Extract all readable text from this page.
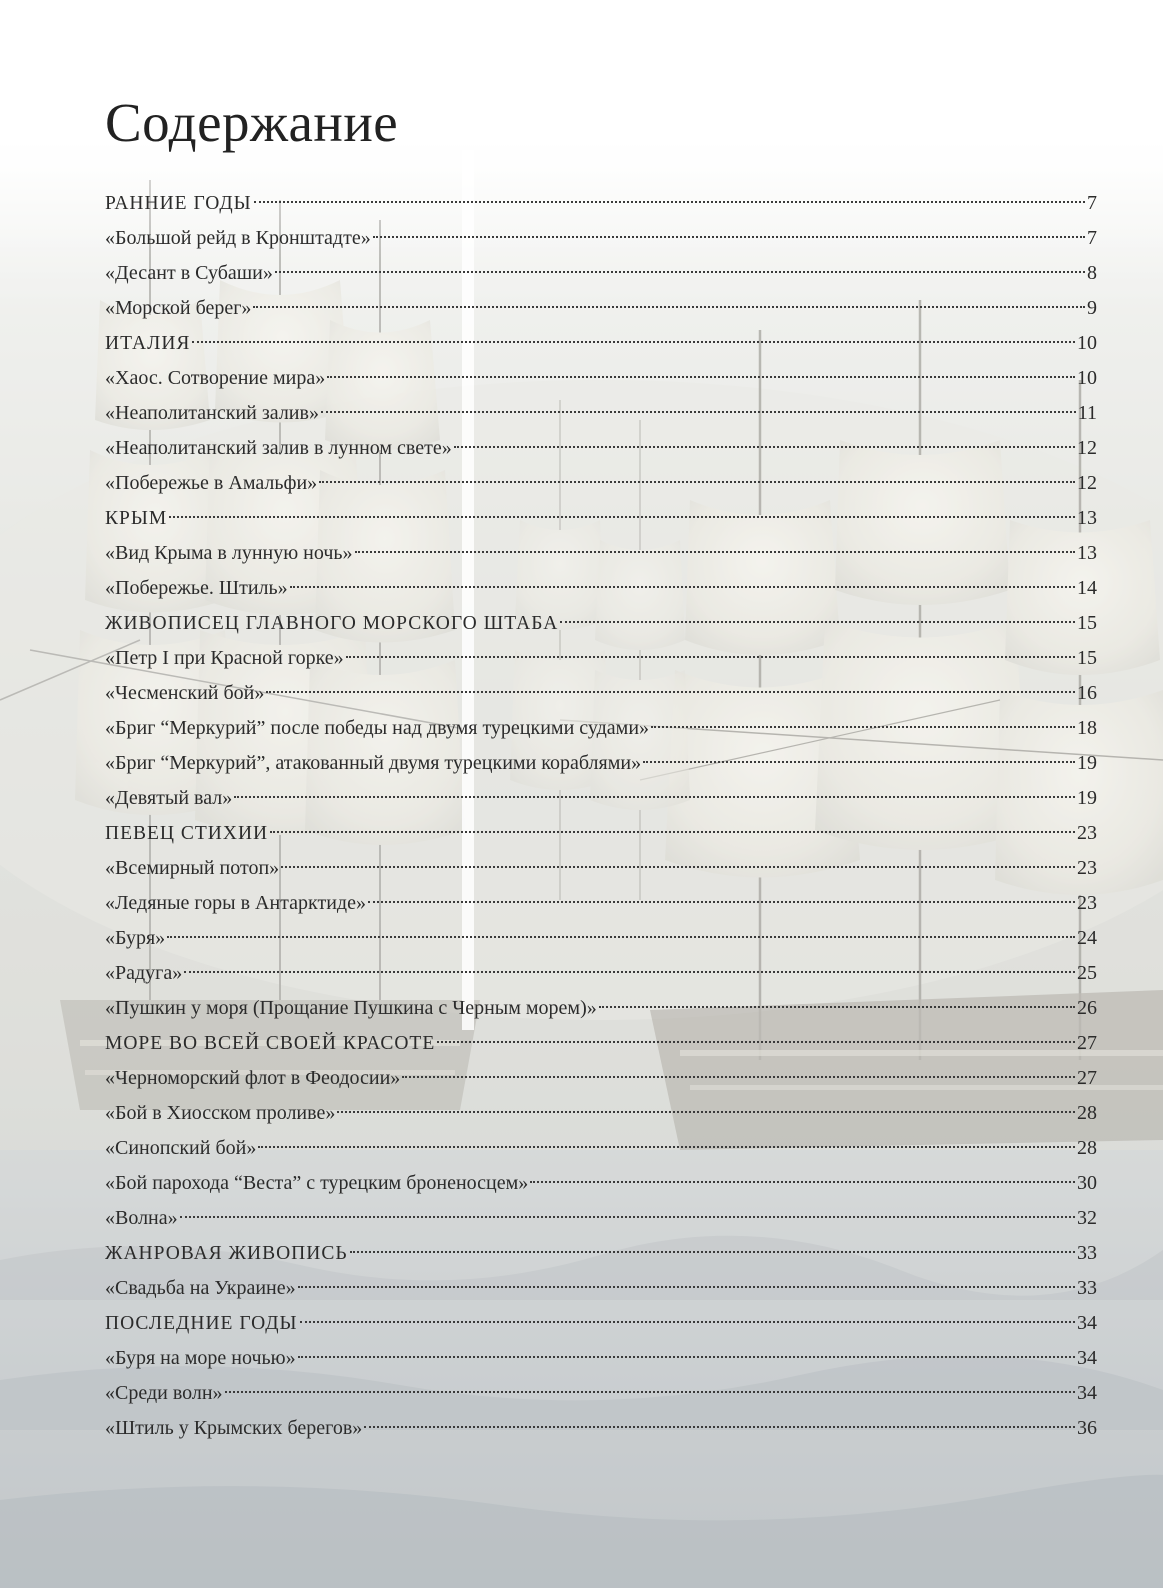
Содержание
РАННИЕ ГОДЫ	7
«Большой рейд в Кронштадте»	7
«Десант в Субаши»	8
«Морской берег»	9
ИТАЛИЯ	10
«Хаос. Сотворение мира»	10
«Неаполитанский залив»	11
«Неаполитанский залив в лунном свете»	12
«Побережье в Амальфи»	12
КРЫМ	13
«Вид Крыма в лунную ночь»	13
«Побережье. Штиль»	14
ЖИВОПИСЕЦ ГЛАВНОГО МОРСКОГО ШТАБА	15
«Петр I при Красной горке»	15
«Чесменский бой»	16
«Бриг “Меркурий” после победы над двумя турецкими судами»	18
«Бриг “Меркурий”, атакованный двумя турецкими кораблями»	19
«Девятый вал»	19
ПЕВЕЦ СТИХИИ	23
«Всемирный потоп»	23
«Ледяные горы в Антарктиде»	23
«Буря»	24
«Радуга»	25
«Пушкин у моря (Прощание Пушкина с Черным морем)»	26
МОРЕ ВО ВСЕЙ СВОЕЙ КРАСОТЕ	27
«Черноморский флот в Феодосии»	27
«Бой в Хиосском проливе»	28
«Синопский бой»	28
«Бой парохода “Веста” с турецким броненосцем»	30
«Волна»	32
ЖАНРОВАЯ ЖИВОПИСЬ	33
«Свадьба на Украине»	33
ПОСЛЕДНИЕ ГОДЫ	34
«Буря на море ночью»	34
«Среди волн»	34
«Штиль у Крымских берегов»	36
